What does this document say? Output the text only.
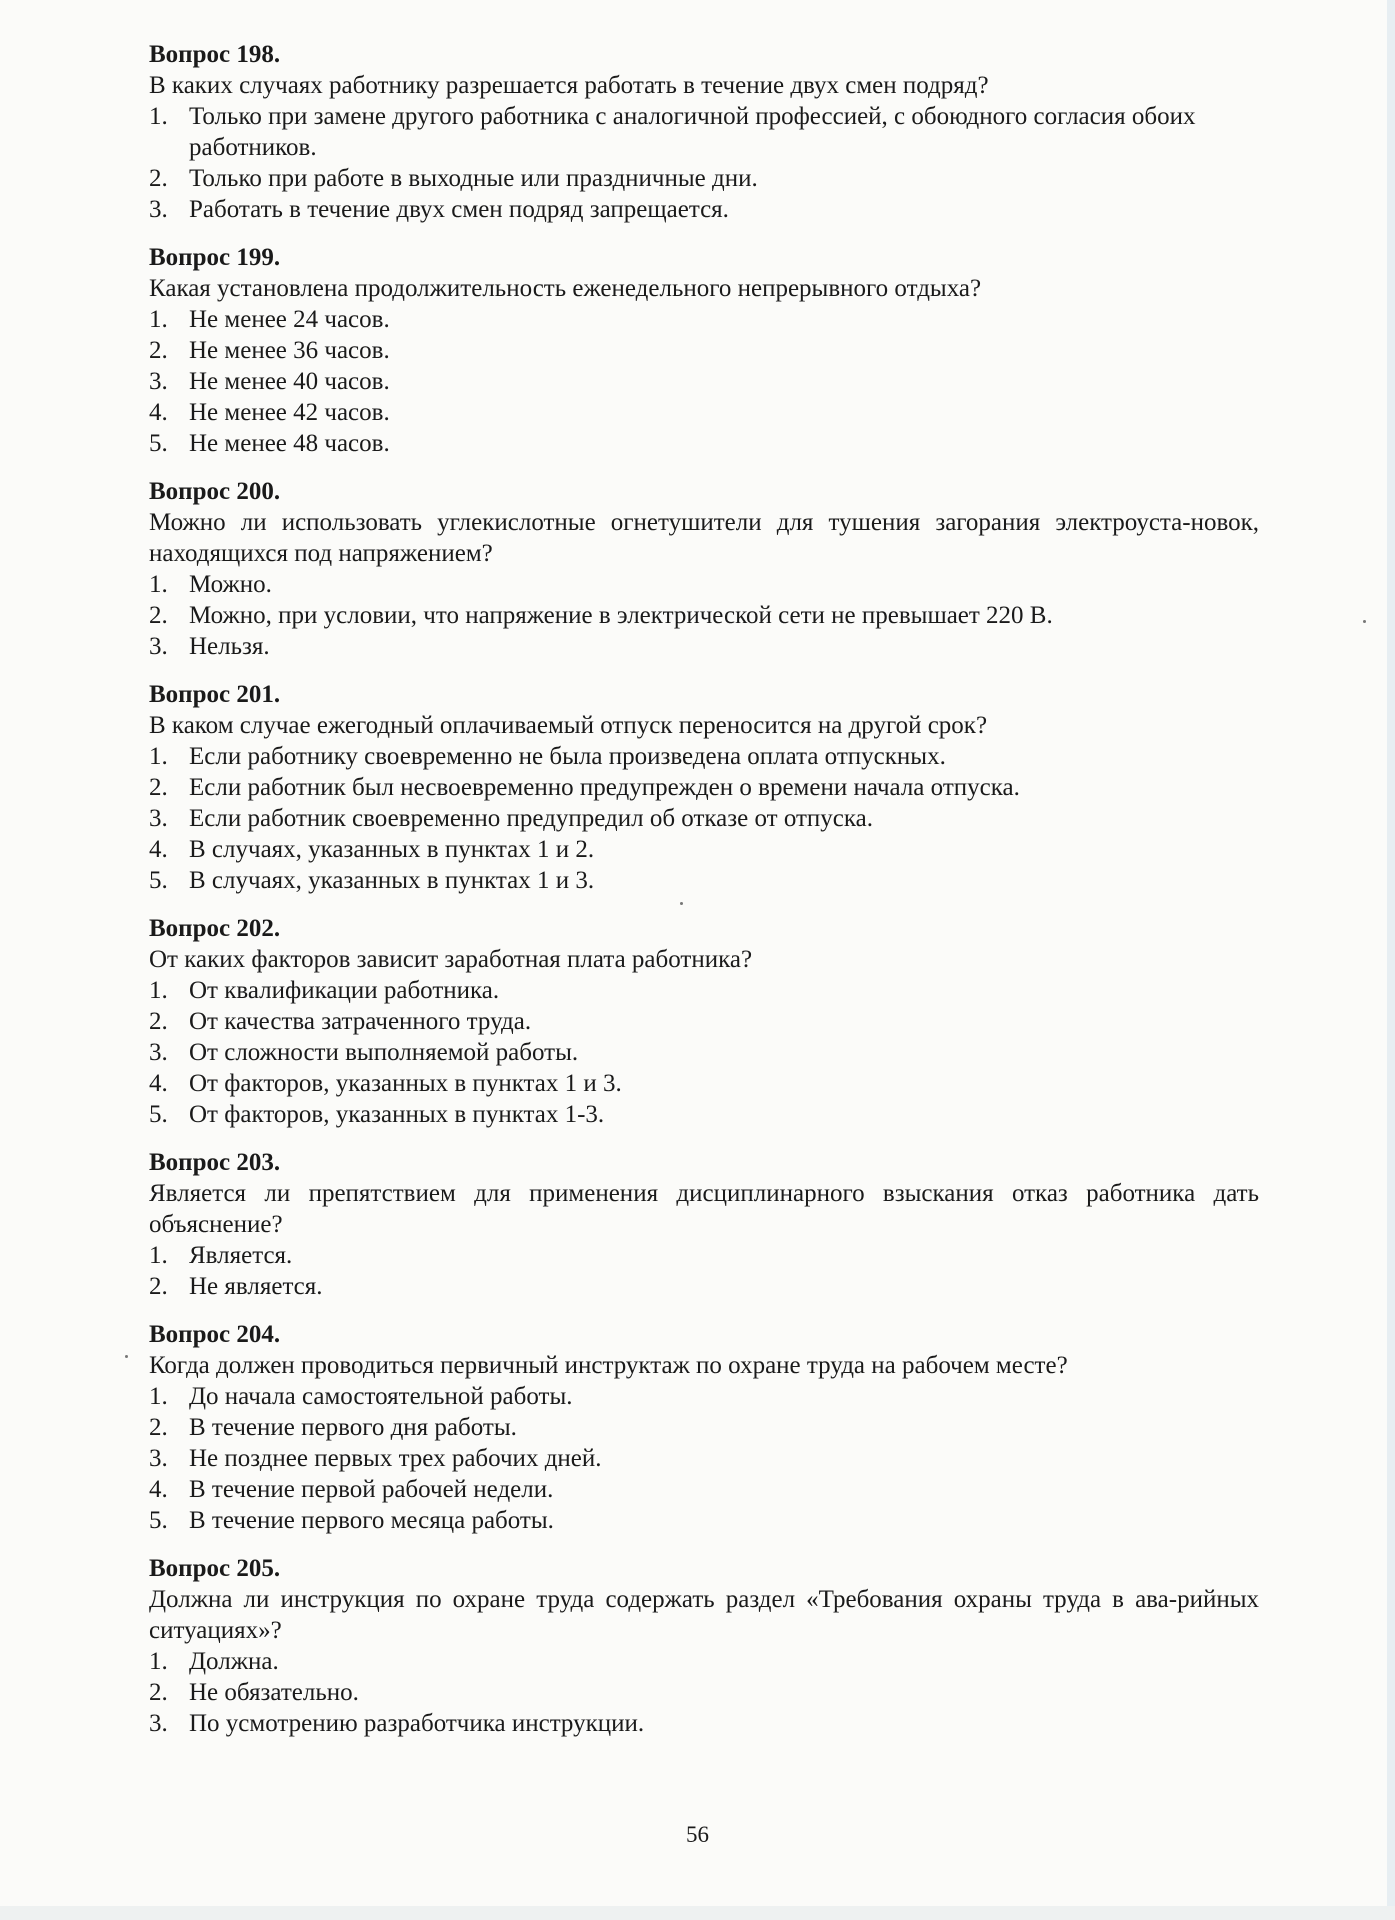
Вопрос 198.

В каких случаях работнику разрешается работать в течение двух смен подряд?

1. Только при замене другого работника с аналогичной профессией, с обоюдного согласия обоих работников.
2. Только при работе в выходные или праздничные дни.
3. Работать в течение двух смен подряд запрещается.

Вопрос 199.

Какая установлена продолжительность еженедельного непрерывного отдыха?

1. Не менее 24 часов.
2. Не менее 36 часов.
3. Не менее 40 часов.
4. Не менее 42 часов.
5. Не менее 48 часов.

Вопрос 200.

Можно ли использовать углекислотные огнетушители для тушения загорания электроуста-новок, находящихся под напряжением?

1. Можно.
2. Можно, при условии, что напряжение в электрической сети не превышает 220 В.
3. Нельзя.

Вопрос 201.

В каком случае ежегодный оплачиваемый отпуск переносится на другой срок?

1. Если работнику своевременно не была произведена оплата отпускных.
2. Если работник был несвоевременно предупрежден о времени начала отпуска.
3. Если работник своевременно предупредил об отказе от отпуска.
4. В случаях, указанных в пунктах 1 и 2.
5. В случаях, указанных в пунктах 1 и 3.

Вопрос 202.

От каких факторов зависит заработная плата работника?

1. От квалификации работника.
2. От качества затраченного труда.
3. От сложности выполняемой работы.
4. От факторов, указанных в пунктах 1 и 3.
5. От факторов, указанных в пунктах 1-3.

Вопрос 203.

Является ли препятствием для применения дисциплинарного взыскания отказ работника дать объяснение?

1. Является.
2. Не является.

Вопрос 204.

Когда должен проводиться первичный инструктаж по охране труда на рабочем месте?

1. До начала самостоятельной работы.
2. В течение первого дня работы.
3. Не позднее первых трех рабочих дней.
4. В течение первой рабочей недели.
5. В течение первого месяца работы.

Вопрос 205.

Должна ли инструкция по охране труда содержать раздел «Требования охраны труда в ава-рийных ситуациях»?

1. Должна.
2. Не обязательно.
3. По усмотрению разработчика инструкции.
56
